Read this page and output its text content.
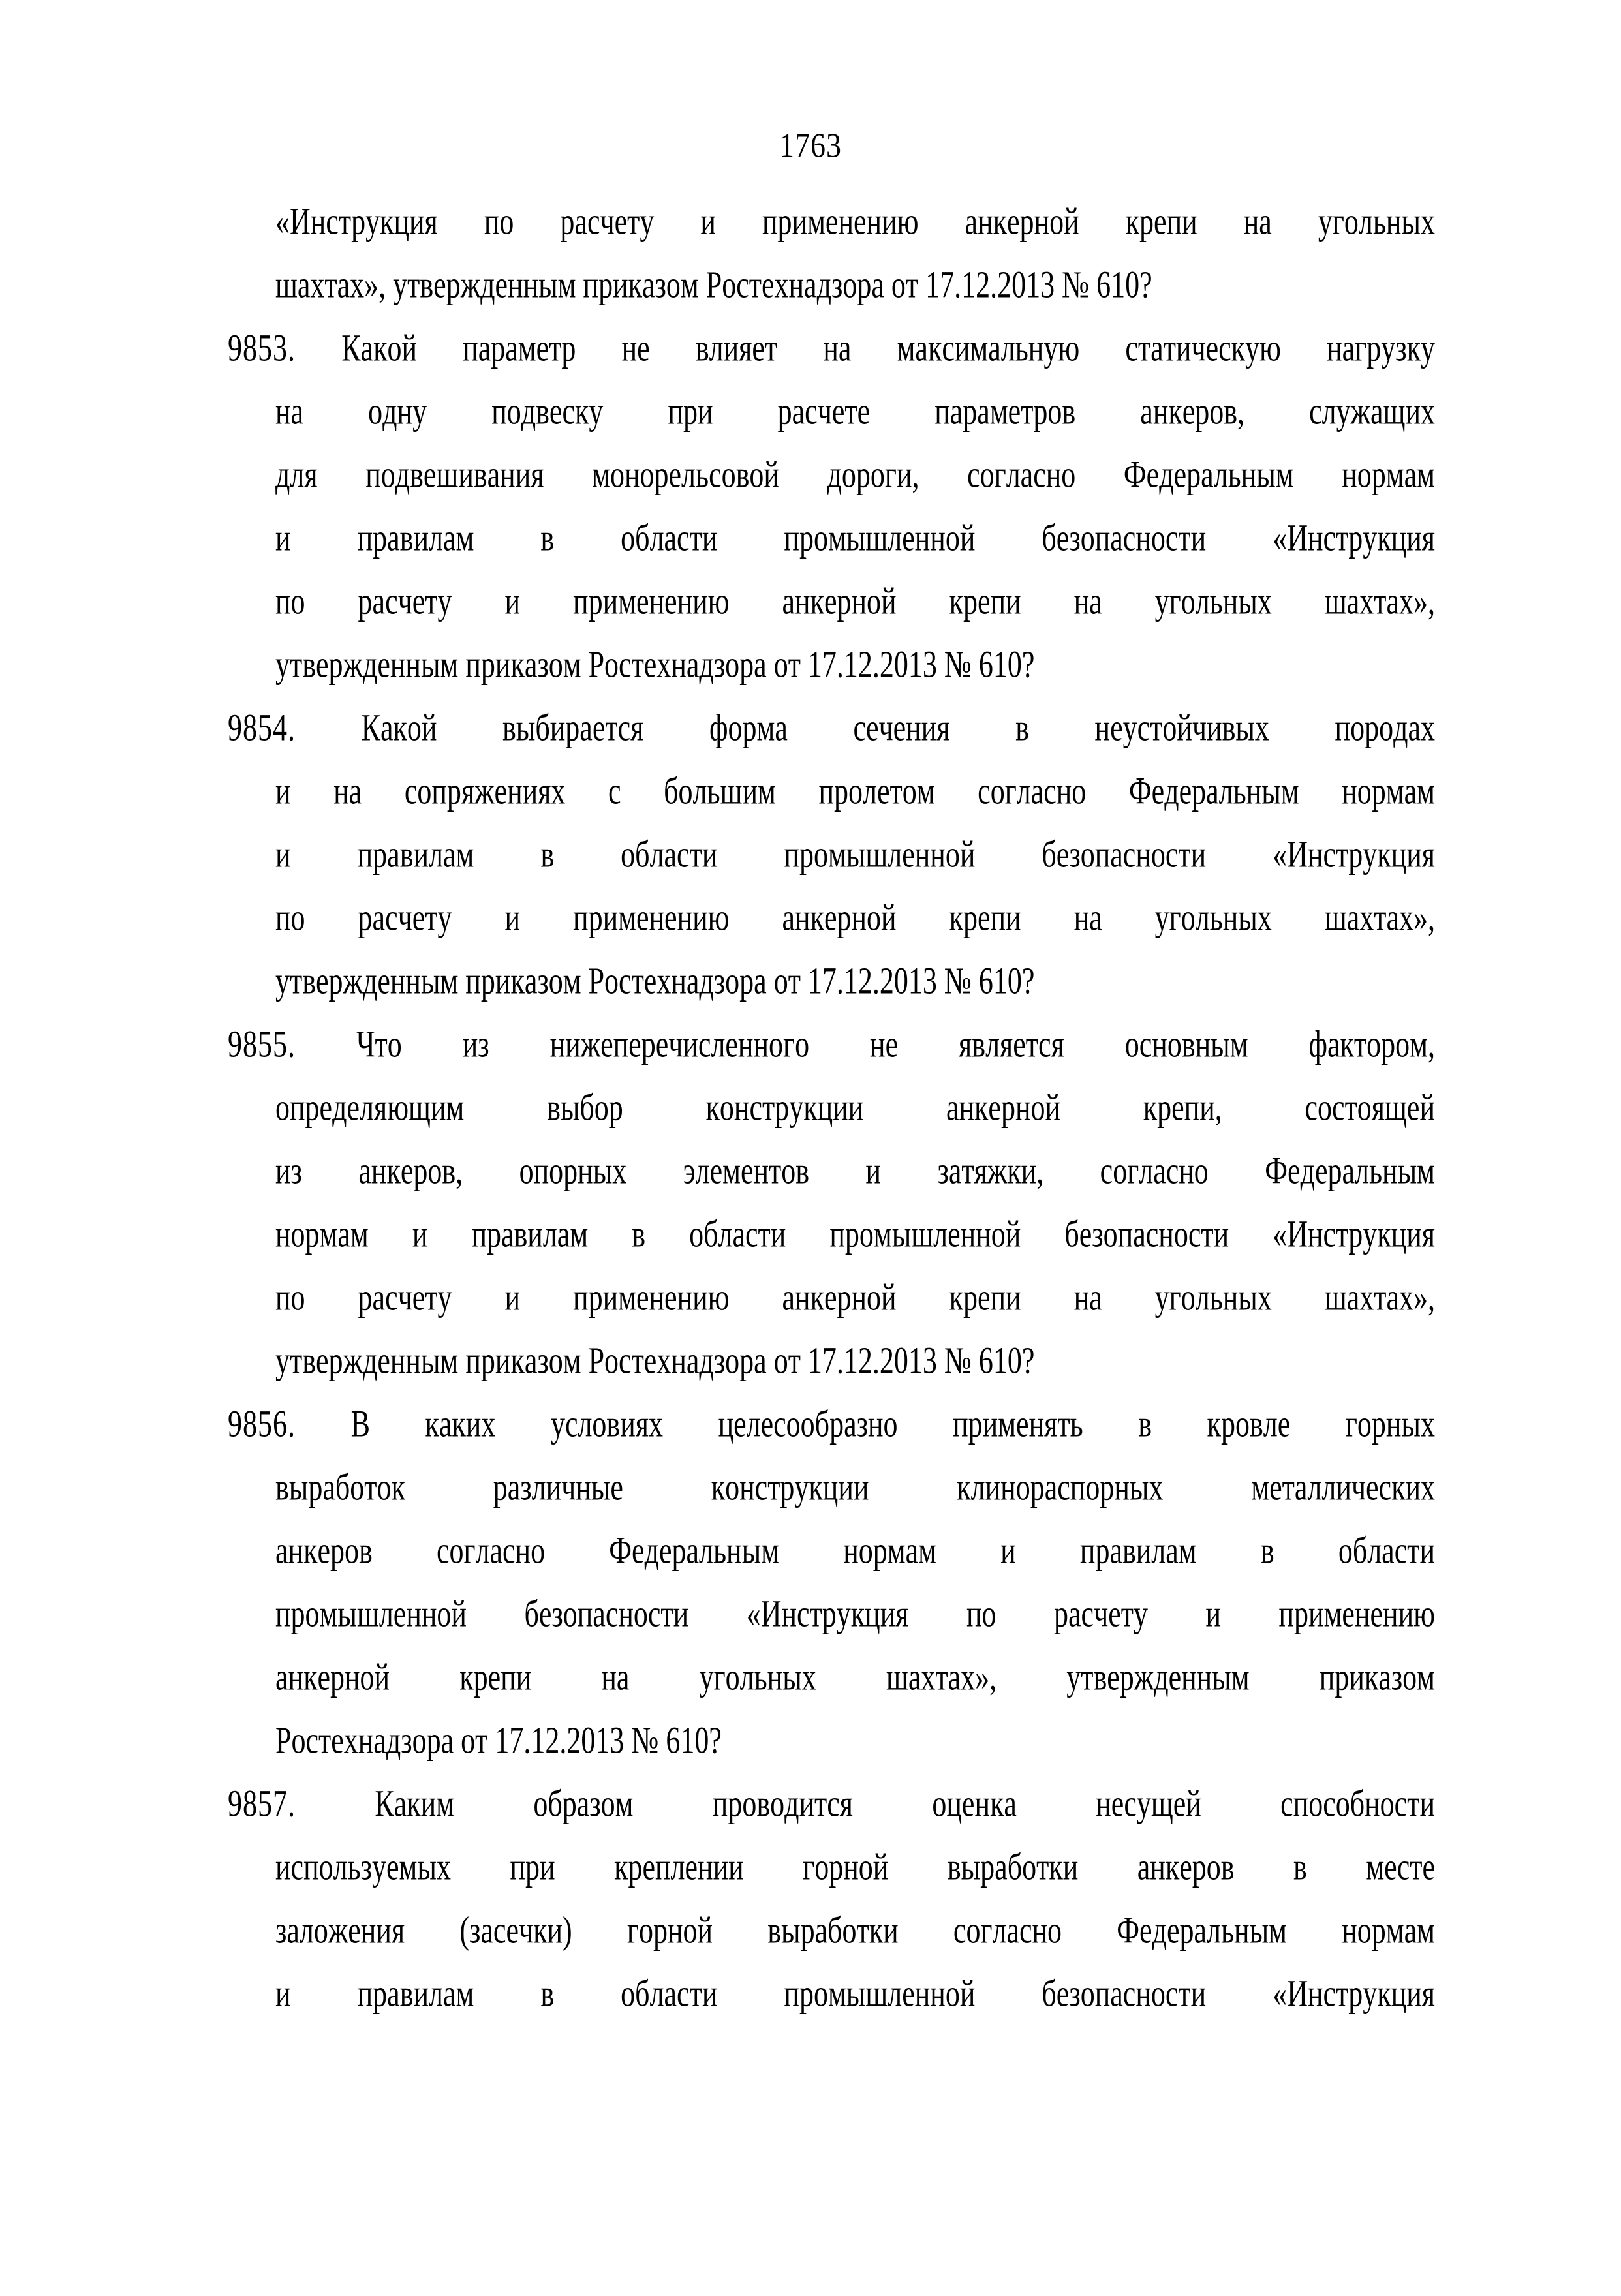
1763
«Инструкция по расчету и применению анкерной крепи на угольных
шахтах», утвержденным приказом Ростехнадзора от 17.12.2013 № 610?
9853. Какой параметр не влияет на максимальную статическую нагрузку
на одну подвеску при расчете параметров анкеров, служащих
для подвешивания монорельсовой дороги, согласно Федеральным нормам
и правилам в области промышленной безопасности «Инструкция
по расчету и применению анкерной крепи на угольных шахтах»,
утвержденным приказом Ростехнадзора от 17.12.2013 № 610?
9854. Какой выбирается форма сечения в неустойчивых породах
и на сопряжениях с большим пролетом согласно Федеральным нормам
и правилам в области промышленной безопасности «Инструкция
по расчету и применению анкерной крепи на угольных шахтах»,
утвержденным приказом Ростехнадзора от 17.12.2013 № 610?
9855. Что из нижеперечисленного не является основным фактором,
определяющим выбор конструкции анкерной крепи, состоящей
из анкеров, опорных элементов и затяжки, согласно Федеральным
нормам и правилам в области промышленной безопасности «Инструкция
по расчету и применению анкерной крепи на угольных шахтах»,
утвержденным приказом Ростехнадзора от 17.12.2013 № 610?
9856. В каких условиях целесообразно применять в кровле горных
выработок различные конструкции клинораспорных металлических
анкеров согласно Федеральным нормам и правилам в области
промышленной безопасности «Инструкция по расчету и применению
анкерной крепи на угольных шахтах», утвержденным приказом
Ростехнадзора от 17.12.2013 № 610?
9857. Каким образом проводится оценка несущей способности
используемых при креплении горной выработки анкеров в месте
заложения (засечки) горной выработки согласно Федеральным нормам
и правилам в области промышленной безопасности «Инструкция
